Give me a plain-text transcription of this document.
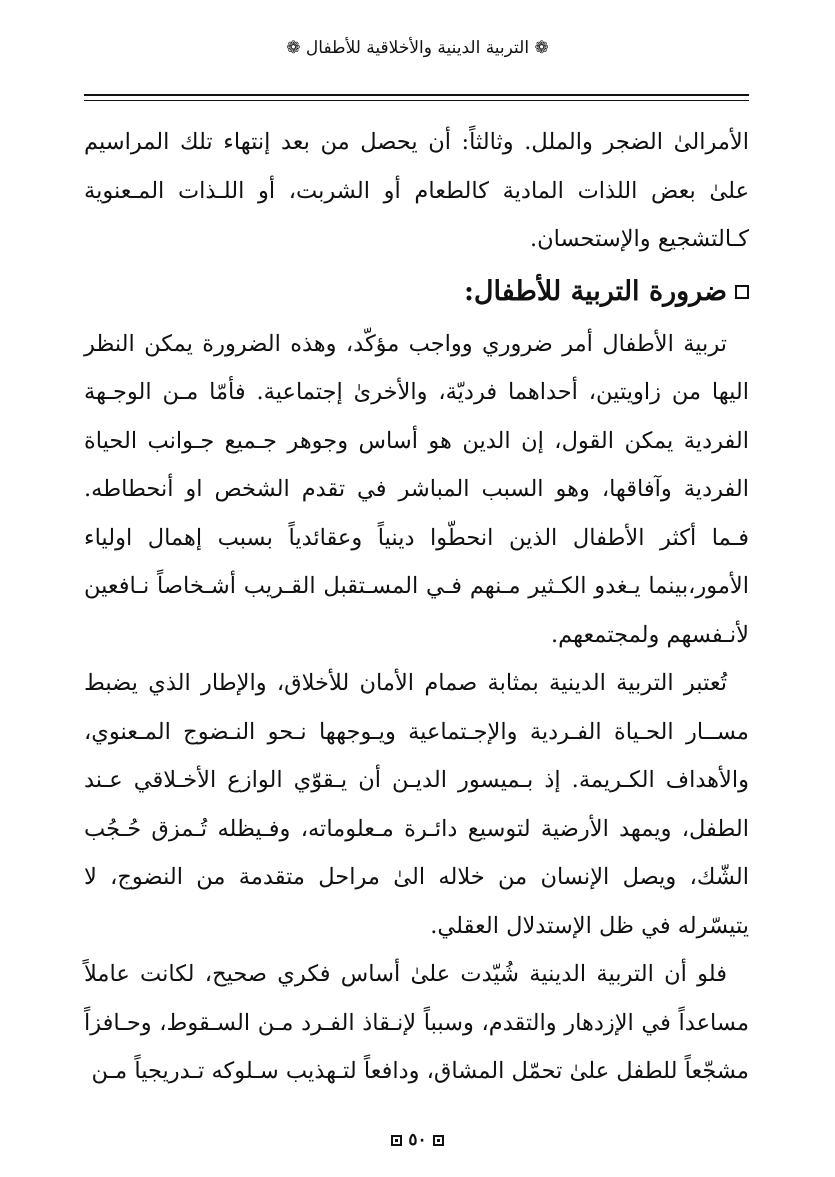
❁ التربية الدينية والأخلاقية للأطفال ❁

الأمرالىٰ الضجر والملل. وثالثاً: أن يحصل من بعد إنتهاء تلك المراسيم علىٰ بعض اللذات المادية كالطعام أو الشربت، أو اللـذات المـعنوية كـالتشجيع والإستحسان.

ضرورة التربية للأطفال:

تربية الأطفال أمر ضروري وواجب مؤكّد، وهذه الضرورة يمكن النظر اليها من زاويتين، أحداهما فرديّة، والأخرىٰ إجتماعية. فأمّا مـن الوجـهة الفردية يمكن القول، إن الدين هو أساس وجوهر جـميع جـوانب الحياة الفردية وآفاقها، وهو السبب المباشر في تقدم الشخص او أنحطاطه. فـما أكثر الأطفال الذين انحطّوا دينياً وعقائدياً بسبب إهمال اولياء الأمور،بينما يـغدو الكـثير مـنهم فـي المسـتقبل القـريب أشـخاصاً نـافعين لأنـفسهم ولمجتمعهم.

تُعتبر التربية الدينية بمثابة صمام الأمان للأخلاق، والإطار الذي يضبط مســار الحـياة الفـردية والإجـتماعية ويـوجهها نـحو النـضوج المـعنوي، والأهداف الكـريمة. إذ بـميسور الديـن أن يـقوّي الوازع الأخـلاقي عـند الطفل، ويمهد الأرضية لتوسيع دائـرة مـعلوماته، وفـيظله تُـمزق حُـجُب الشّك، ويصل الإنسان من خلاله الىٰ مراحل متقدمة من النضوج، لا يتيسّرله في ظل الإستدلال العقلي.

فلو أن التربية الدينية شُيّدت علىٰ أساس فكري صحيح، لكانت عاملاً مساعداً في الإزدهار والتقدم، وسبباً لإنـقاذ الفـرد مـن السـقوط، وحـافزاً مشجّعاً للطفل علىٰ تحمّل المشاق، ودافعاً لتـهذيب سـلوكه تـدريجياً مـن

٥٠
